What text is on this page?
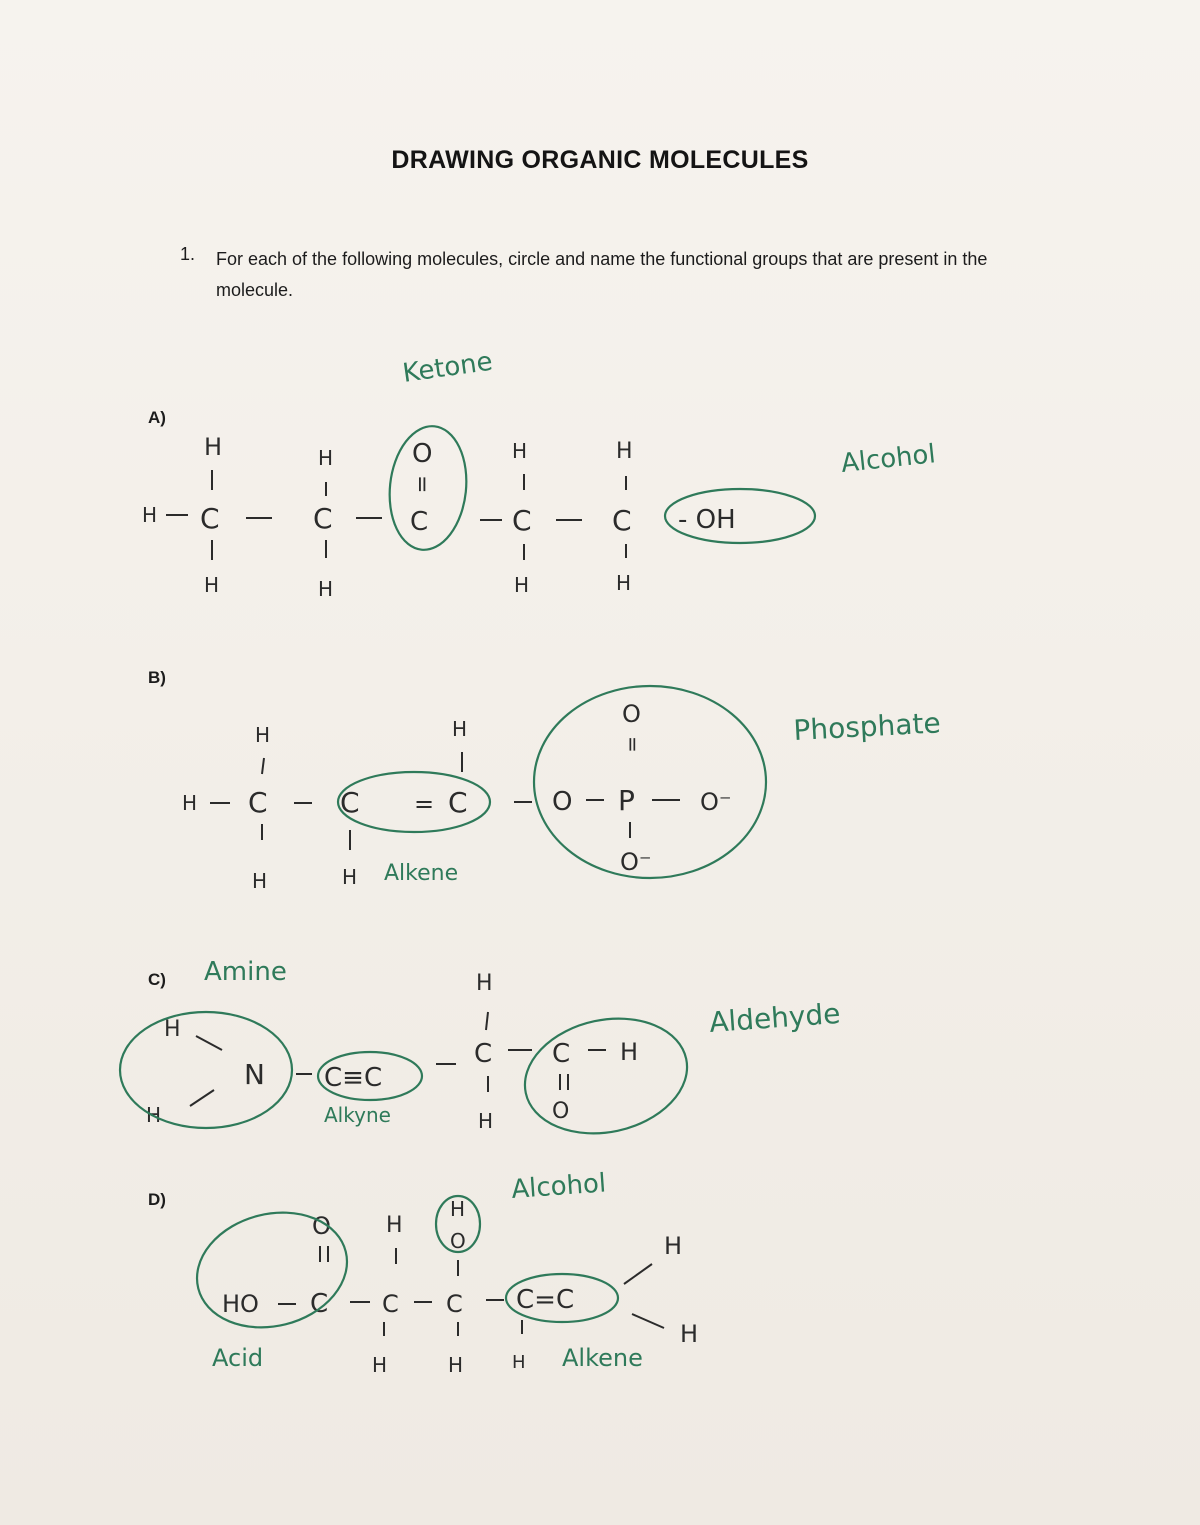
DRAWING ORGANIC MOLECULES
1. For each of the following molecules, circle and name the functional groups that are present in the molecule.
A)
B)
C)
D)
H
H C
H
H
C
H
O
=
C
Ketone
H
C
H
H
C
H
- OH
Alcohol
H
H C
H
C
H
= C
H
Alkene
O P
O
=
O⁻
O⁻
Phosphate
Amine
H
H
N C≡C
Alkyne
H
C
H
C H
O
Aldehyde
O
HO C
Acid
H
C
H
H
O
C
H
Alcohol
C=C
H Alkene
H
H
